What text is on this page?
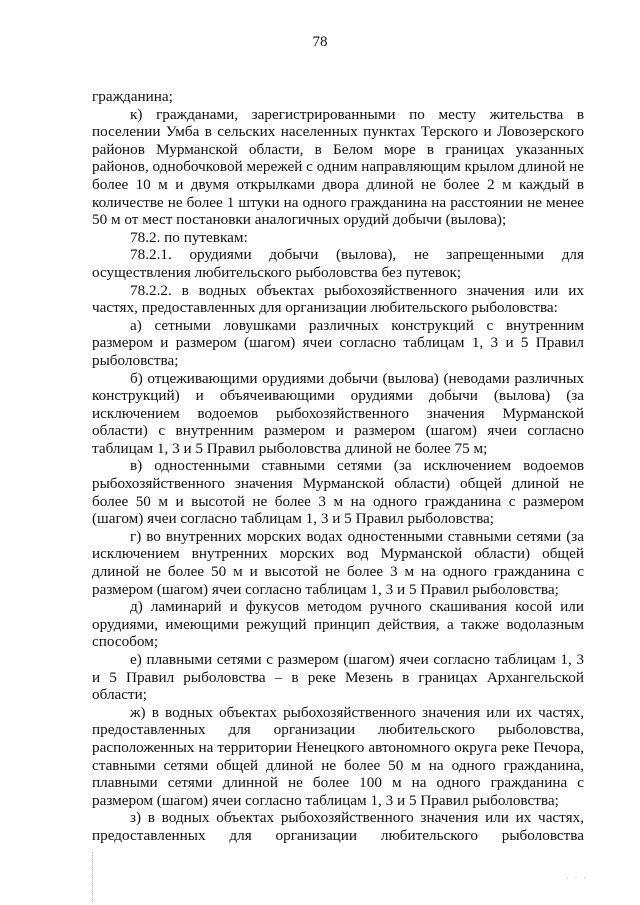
78

гражданина;

к) гражданами, зарегистрированными по месту жительства в поселении Умба в сельских населенных пунктах Терского и Ловозерского районов Мурманской области, в Белом море в границах указанных районов, однобочковой мережей с одним направляющим крылом длиной не более 10 м и двумя открылками двора длиной не более 2 м каждый в количестве не более 1 штуки на одного гражданина на расстоянии не менее 50 м от мест постановки аналогичных орудий добычи (вылова);

78.2. по путевкам:

78.2.1. орудиями добычи (вылова), не запрещенными для осуществления любительского рыболовства без путевок;

78.2.2. в водных объектах рыбохозяйственного значения или их частях, предоставленных для организации любительского рыболовства:

а) сетными ловушками различных конструкций с внутренним размером и размером (шагом) ячеи согласно таблицам 1, 3 и 5 Правил рыболовства;

б) отцеживающими орудиями добычи (вылова) (неводами различных конструкций) и объячеивающими орудиями добычи (вылова) (за исключением водоемов рыбохозяйственного значения Мурманской области) с внутренним размером и размером (шагом) ячеи согласно таблицам 1, 3 и 5 Правил рыболовства длиной не более 75 м;

в) одностенными ставными сетями (за исключением водоемов рыбохозяйственного значения Мурманской области) общей длиной не более 50 м и высотой не более 3 м на одного гражданина с размером (шагом) ячеи согласно таблицам 1, 3 и 5 Правил рыболовства;

г) во внутренних морских водах одностенными ставными сетями (за исключением внутренних морских вод Мурманской области) общей длиной не более 50 м и высотой не более 3 м на одного гражданина с размером (шагом) ячеи согласно таблицам 1, 3 и 5 Правил рыболовства;

д) ламинарий и фукусов методом ручного скашивания косой или орудиями, имеющими режущий принцип действия, а также водолазным способом;

е) плавными сетями с размером (шагом) ячеи согласно таблицам 1, 3 и 5 Правил рыболовства – в реке Мезень в границах Архангельской области;

ж) в водных объектах рыбохозяйственного значения или их частях, предоставленных для организации любительского рыболовства, расположенных на территории Ненецкого автономного округа реке Печора, ставными сетями общей длиной не более 50 м на одного гражданина, плавными сетями длинной не более 100 м на одного гражданина с размером (шагом) ячеи согласно таблицам 1, 3 и 5 Правил рыболовства;

з) в водных объектах рыбохозяйственного значения или их частях, предоставленных для организации любительского рыболовства

· · ·
